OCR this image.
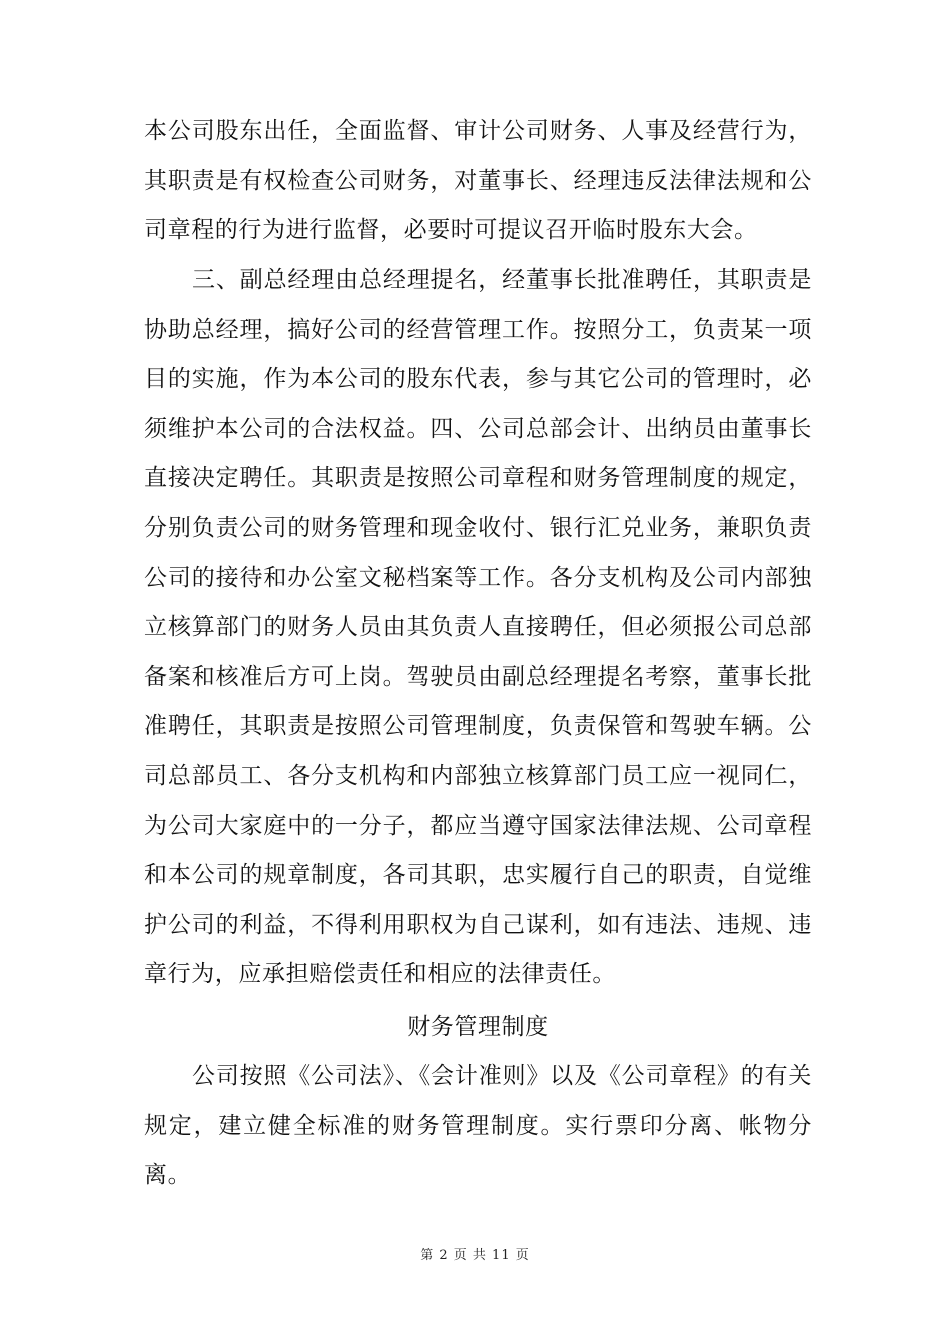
本公司股东出任，全面监督、审计公司财务、人事及经营行为，其职责是有权检查公司财务，对董事长、经理违反法律法规和公司章程的行为进行监督，必要时可提议召开临时股东大会。

三、副总经理由总经理提名，经董事长批准聘任，其职责是协助总经理，搞好公司的经营管理工作。按照分工，负责某一项目的实施，作为本公司的股东代表，参与其它公司的管理时，必须维护本公司的合法权益。四、公司总部会计、出纳员由董事长直接决定聘任。其职责是按照公司章程和财务管理制度的规定，分别负责公司的财务管理和现金收付、银行汇兑业务，兼职负责公司的接待和办公室文秘档案等工作。各分支机构及公司内部独立核算部门的财务人员由其负责人直接聘任，但必须报公司总部备案和核准后方可上岗。驾驶员由副总经理提名考察，董事长批准聘任，其职责是按照公司管理制度，负责保管和驾驶车辆。公司总部员工、各分支机构和内部独立核算部门员工应一视同仁，为公司大家庭中的一分子，都应当遵守国家法律法规、公司章程和本公司的规章制度，各司其职，忠实履行自己的职责，自觉维护公司的利益，不得利用职权为自己谋利，如有违法、违规、违章行为，应承担赔偿责任和相应的法律责任。

财务管理制度

公司按照《公司法》、《会计准则》以及《公司章程》的有关规定，建立健全标准的财务管理制度。实行票印分离、帐物分离。

第 2 页 共 11 页
